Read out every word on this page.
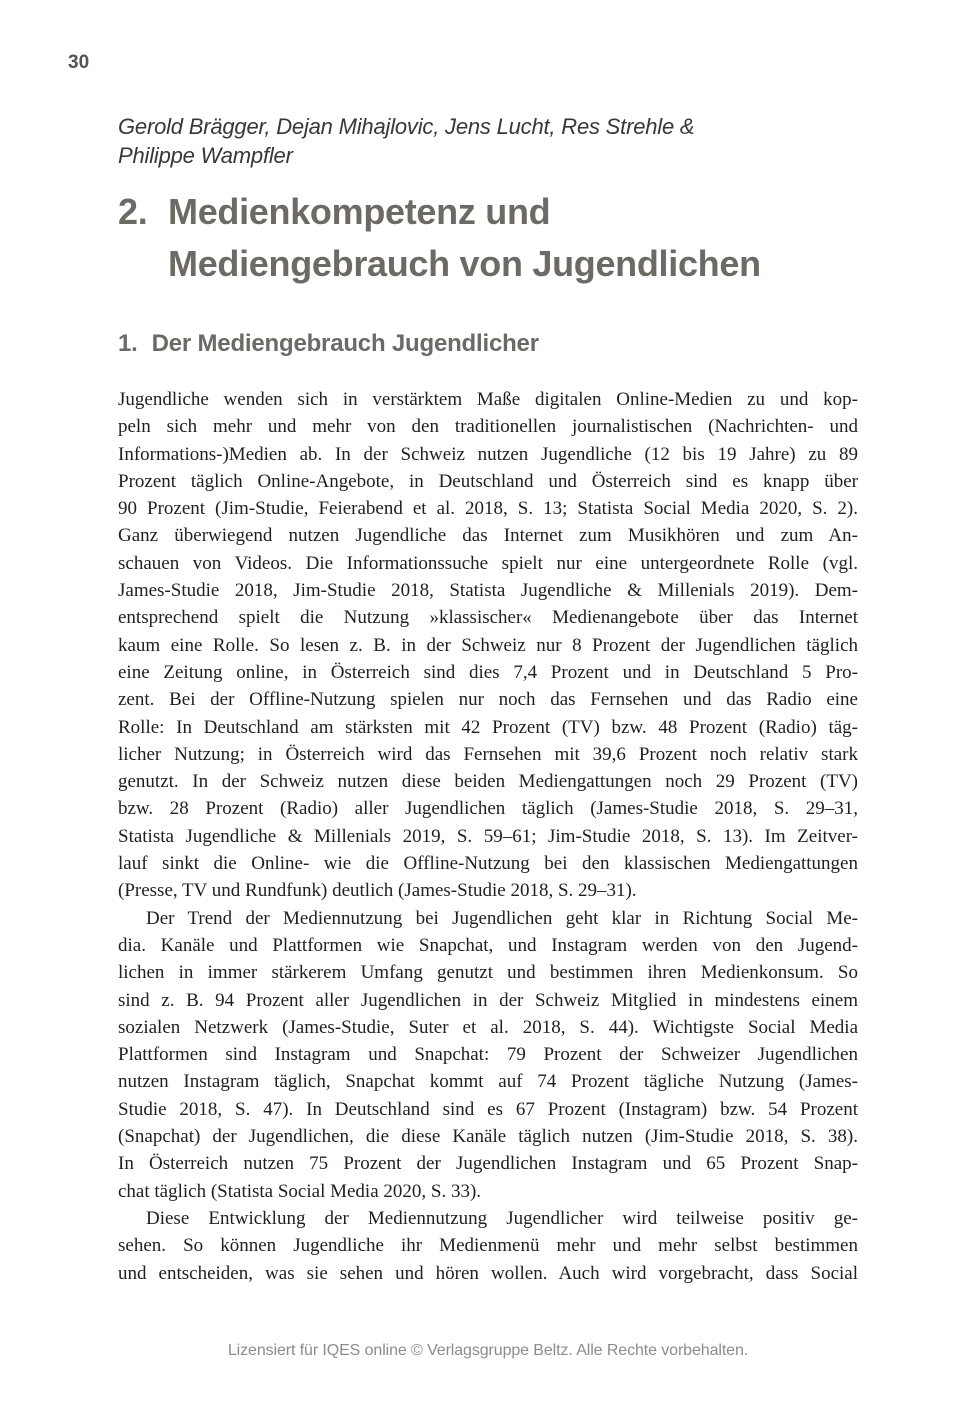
30
Gerold Brägger, Dejan Mihajlovic, Jens Lucht, Res Strehle &
Philippe Wampfler
2. Medienkompetenz und
Mediengebrauch von Jugendlichen
1. Der Mediengebrauch Jugendlicher
Jugendliche wenden sich in verstärktem Maße digitalen Online-Medien zu und kop-
peln sich mehr und mehr von den traditionellen journalistischen (Nachrichten- und
Informations-)Medien ab. In der Schweiz nutzen Jugendliche (12 bis 19 Jahre) zu 89
Prozent täglich Online-Angebote, in Deutschland und Österreich sind es knapp über
90 Prozent (Jim-Studie, Feierabend et al. 2018, S. 13; Statista Social Media 2020, S. 2).
Ganz überwiegend nutzen Jugendliche das Internet zum Musikhören und zum An-
schauen von Videos. Die Informationssuche spielt nur eine untergeordnete Rolle (vgl.
James-Studie 2018, Jim-Studie 2018, Statista Jugendliche & Millenials 2019). Dem-
entsprechend spielt die Nutzung »klassischer« Medienangebote über das Internet
kaum eine Rolle. So lesen z. B. in der Schweiz nur 8 Prozent der Jugendlichen täglich
eine Zeitung online, in Österreich sind dies 7,4 Prozent und in Deutschland 5 Pro-
zent. Bei der Offline-Nutzung spielen nur noch das Fernsehen und das Radio eine
Rolle: In Deutschland am stärksten mit 42 Prozent (TV) bzw. 48 Prozent (Radio) täg-
licher Nutzung; in Österreich wird das Fernsehen mit 39,6 Prozent noch relativ stark
genutzt. In der Schweiz nutzen diese beiden Mediengattungen noch 29 Prozent (TV)
bzw. 28 Prozent (Radio) aller Jugendlichen täglich (James-Studie 2018, S. 29–31,
Statista Jugendliche & Millenials 2019, S. 59–61; Jim-Studie 2018, S. 13). Im Zeitver-
lauf sinkt die Online- wie die Offline-Nutzung bei den klassischen Mediengattungen
(Presse, TV und Rundfunk) deutlich (James-Studie 2018, S. 29–31).
Der Trend der Mediennutzung bei Jugendlichen geht klar in Richtung Social Me-
dia. Kanäle und Plattformen wie Snapchat, und Instagram werden von den Jugend-
lichen in immer stärkerem Umfang genutzt und bestimmen ihren Medienkonsum. So
sind z. B. 94 Prozent aller Jugendlichen in der Schweiz Mitglied in mindestens einem
sozialen Netzwerk (James-Studie, Suter et al. 2018, S. 44). Wichtigste Social Media
Plattformen sind Instagram und Snapchat: 79 Prozent der Schweizer Jugendlichen
nutzen Instagram täglich, Snapchat kommt auf 74 Prozent tägliche Nutzung (James-
Studie 2018, S. 47). In Deutschland sind es 67 Prozent (Instagram) bzw. 54 Prozent
(Snapchat) der Jugendlichen, die diese Kanäle täglich nutzen (Jim-Studie 2018, S. 38).
In Österreich nutzen 75 Prozent der Jugendlichen Instagram und 65 Prozent Snap-
chat täglich (Statista Social Media 2020, S. 33).
Diese Entwicklung der Mediennutzung Jugendlicher wird teilweise positiv ge-
sehen. So können Jugendliche ihr Medienmenü mehr und mehr selbst bestimmen
und entscheiden, was sie sehen und hören wollen. Auch wird vorgebracht, dass Social
Lizensiert für IQES online © Verlagsgruppe Beltz. Alle Rechte vorbehalten.
